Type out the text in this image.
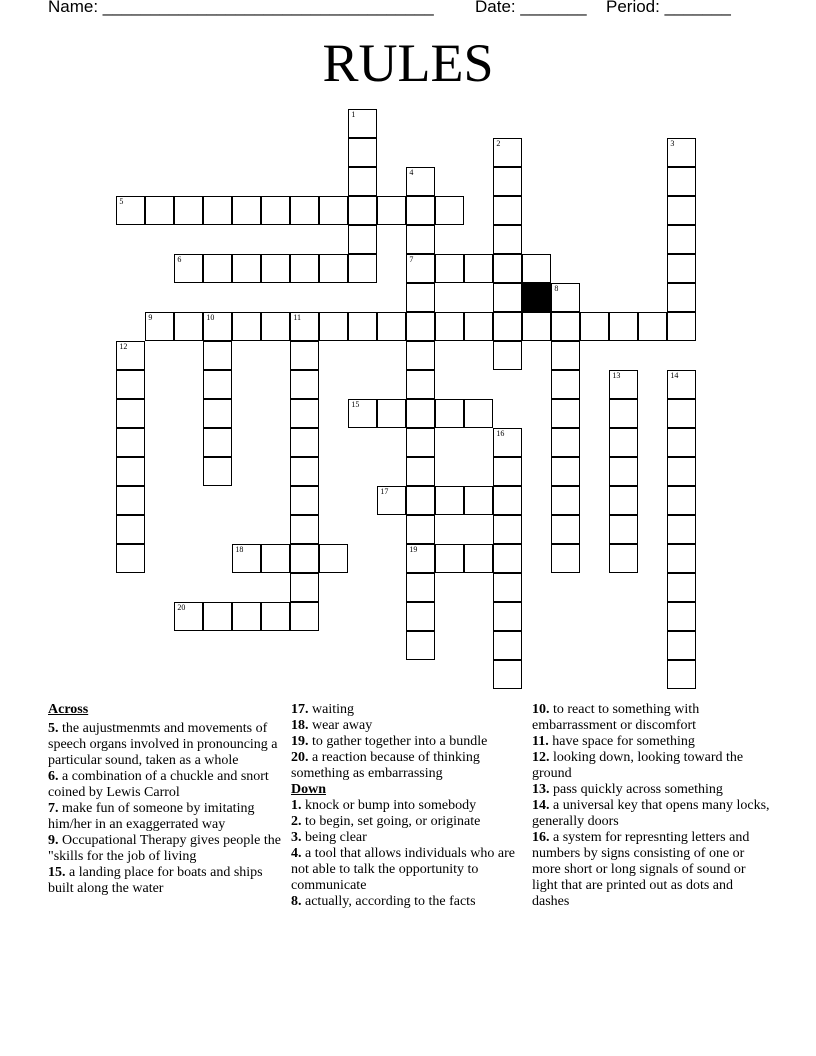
Name: ___________________________________ Date: _______ Period: _______
RULES
1
2	3
4
7
19
5
6
8
9	10	11
12
13	14
15
16
17
18
20
Across
5. the aujustmenmts and movements of speech organs involved in pronouncing a particular sound, taken as a whole
6. a combination of a chuckle and snort coined by Lewis Carrol
7. make fun of someone by imitating him/her in an exaggerrated way
9. Occupational Therapy gives people the "skills for the job of living
15. a landing place for boats and ships built along the water
17. waiting
18. wear away
19. to gather together into a bundle
20. a reaction because of thinking something as embarrassing
Down
1. knock or bump into somebody
2. to begin, set going, or originate
3. being clear
4. a tool that allows individuals who are not able to talk the opportunity to communicate
8. actually, according to the facts
10. to react to something with embarrassment or discomfort
11. have space for something
12. looking down, looking toward the ground
13. pass quickly across something
14. a universal key that opens many locks, generally doors
16. a system for represnting letters and numbers by signs consisting of one or more short or long signals of sound or light that are printed out as dots and dashes
